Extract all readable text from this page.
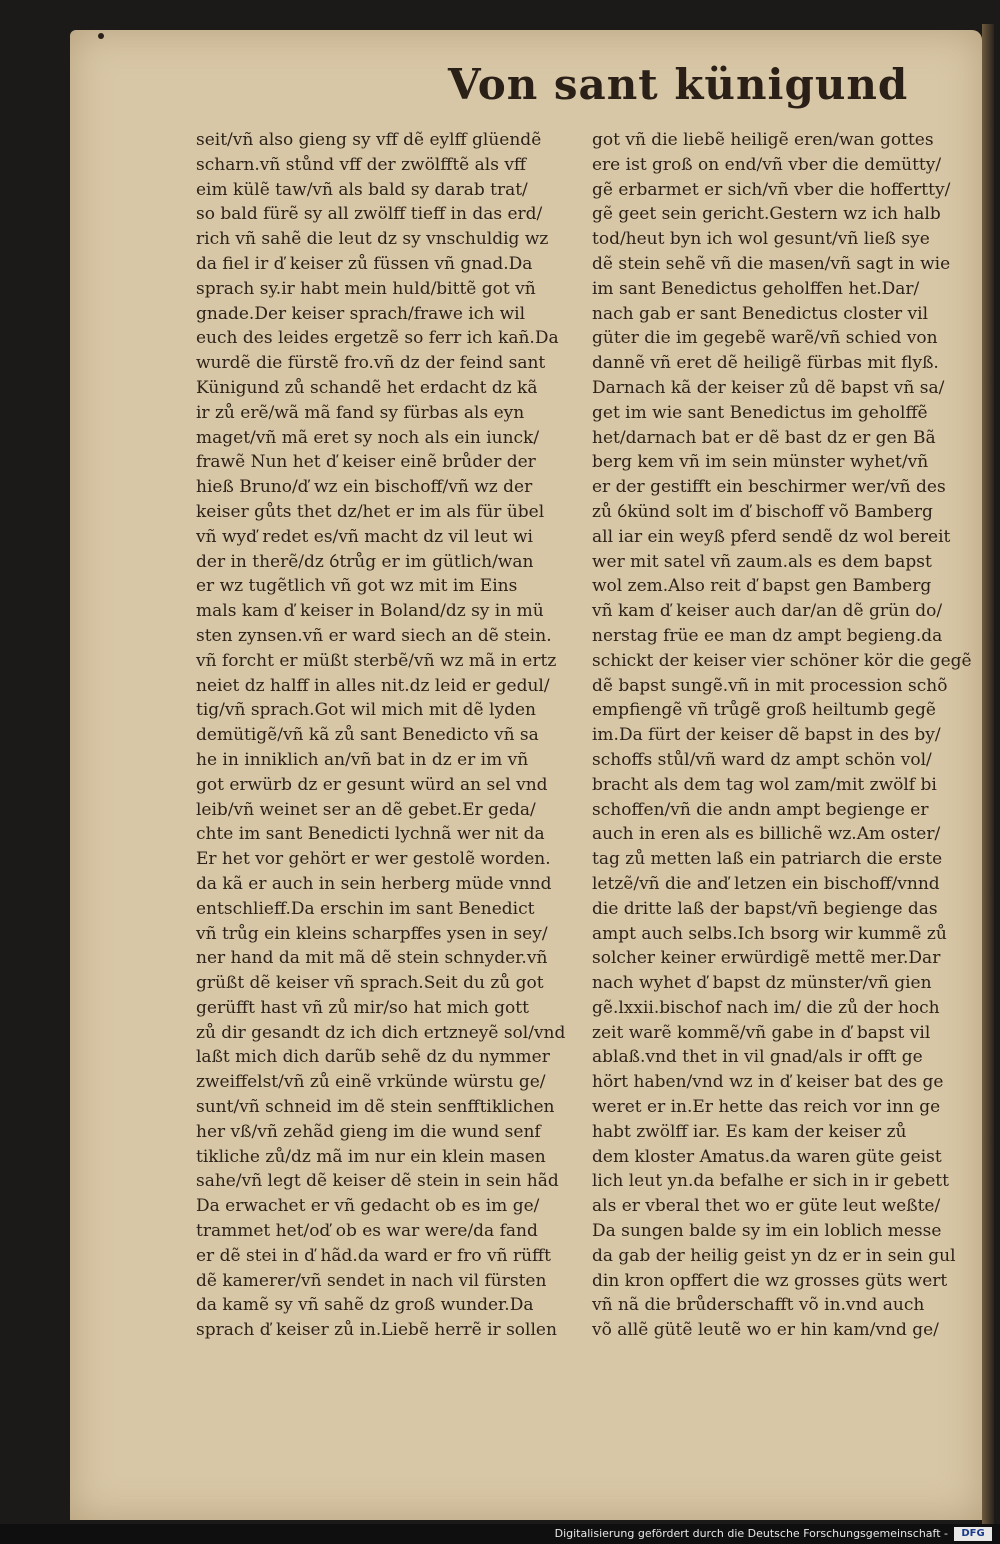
Von sant künigund
seit/vñ also gieng sy vff dẽ eylff glüendẽ
scharn.vñ stůnd vff der zwölfftẽ als vff
eim külẽ taw/vñ als bald sy darab trat/
so bald fürẽ sy all zwölff tieff in das erd/
rich vñ sahẽ die leut dz sy vnschuldig wz
da fiel ir ď keiser zů füssen vñ gnad.Da
sprach sy.ir habt mein huld/bittẽ got vñ
gnade.Der keiser sprach/frawe ich wil
euch des leides ergetzẽ so ferr ich kañ.Da
wurdẽ die fürstẽ fro.vñ dz der feind sant
Künigund zů schandẽ het erdacht dz kã
ir zů erẽ/wã mã fand sy fürbas als eyn
maget/vñ mã eret sy noch als ein iunck/
frawẽ Nun het ď keiser einẽ brůder der
hieß Bruno/ď wz ein bischoff/vñ wz der
keiser gůts thet dz/het er im als für übel
vñ wyď redet es/vñ macht dz vil leut wi
der in therẽ/dz ỽtrůg er im gütlich/wan
er wz tugẽtlich vñ got wz mit im Eins
mals kam ď keiser in Boland/dz sy in mü
sten zynsen.vñ er ward siech an dẽ stein.
vñ forcht er müßt sterbẽ/vñ wz mã in ertz
neiet dz halff in alles nit.dz leid er gedul/
tig/vñ sprach.Got wil mich mit dẽ lyden
demütigẽ/vñ kã zů sant Benedicto vñ sa
he in inniklich an/vñ bat in dz er im vñ
got erwürb dz er gesunt würd an sel vnd
leib/vñ weinet ser an dẽ gebet.Er geda/
chte im sant Benedicti lychnã wer nit da
Er het vor gehört er wer gestolẽ worden.
da kã er auch in sein herberg müde vnnd
entschlieff.Da erschin im sant Benedict
vñ trůg ein kleins scharpffes ysen in sey/
ner hand da mit mã dẽ stein schnyder.vñ
grüßt dẽ keiser vñ sprach.Seit du zů got
gerüfft hast vñ zů mir/so hat mich gott
zů dir gesandt dz ich dich ertzneyẽ sol/vnd
laßt mich dich darũb sehẽ dz du nymmer
zweiffelst/vñ zů einẽ vrkünde würstu ge/
sunt/vñ schneid im dẽ stein senfftiklichen
her vß/vñ zehãd gieng im die wund senf
tikliche zů/dz mã im nur ein klein masen
sahe/vñ legt dẽ keiser dẽ stein in sein hãd
Da erwachet er vñ gedacht ob es im ge/
trammet het/oď ob es war were/da fand
er dẽ stei in ď hãd.da ward er fro vñ rüfft
dẽ kamerer/vñ sendet in nach vil fürsten
da kamẽ sy vñ sahẽ dz groß wunder.Da
sprach ď keiser zů in.Liebẽ herrẽ ir sollen
got vñ die liebẽ heiligẽ eren/wan gottes
ere ist groß on end/vñ vber die demütty/
gẽ erbarmet er sich/vñ vber die hoffertty/
gẽ geet sein gericht.Gestern wz ich halb
tod/heut byn ich wol gesunt/vñ ließ sye
dẽ stein sehẽ vñ die masen/vñ sagt in wie
im sant Benedictus geholffen het.Dar/
nach gab er sant Benedictus closter vil
güter die im gegebẽ warẽ/vñ schied von
dannẽ vñ eret dẽ heiligẽ fürbas mit flyß.
Darnach kã der keiser zů dẽ bapst vñ sa/
get im wie sant Benedictus im geholffẽ
het/darnach bat er dẽ bast dz er gen Bã
berg kem vñ im sein münster wyhet/vñ
er der gestifft ein beschirmer wer/vñ des
zů ỽkünd solt im ď bischoff võ Bamberg
all iar ein weyß pferd sendẽ dz wol bereit
wer mit satel vñ zaum.als es dem bapst
wol zem.Also reit ď bapst gen Bamberg
vñ kam ď keiser auch dar/an dẽ grün do/
nerstag früe ee man dz ampt begieng.da
schickt der keiser vier schöner kör die gegẽ
dẽ bapst sungẽ.vñ in mit procession schõ
empfiengẽ vñ trůgẽ groß heiltumb gegẽ
im.Da fürt der keiser dẽ bapst in des by/
schoffs stůl/vñ ward dz ampt schön vol/
bracht als dem tag wol zam/mit zwölf bi
schoffen/vñ die andn ampt begienge er
auch in eren als es billichẽ wz.Am oster/
tag zů metten laß ein patriarch die erste
letzẽ/vñ die anď letzen ein bischoff/vnnd
die dritte laß der bapst/vñ begienge das
ampt auch selbs.Ich bsorg wir kummẽ zů
solcher keiner erwürdigẽ mettẽ mer.Dar
nach wyhet ď bapst dz münster/vñ gien
gẽ.lxxii.bischof nach im/ die zů der hoch
zeit warẽ kommẽ/vñ gabe in ď bapst vil
ablaß.vnd thet in vil gnad/als ir offt ge
hört haben/vnd wz in ď keiser bat des ge
weret er in.Er hette das reich vor inn ge
habt zwölff iar. Es kam der keiser zů
dem kloster Amatus.da waren güte geist
lich leut yn.da befalhe er sich in ir gebett
als er vberal thet wo er güte leut weßte/
Da sungen balde sy im ein loblich messe
da gab der heilig geist yn dz er in sein gul
din kron opffert die wz grosses güts wert
vñ nã die brůderschafft võ in.vnd auch
võ allẽ gütẽ leutẽ wo er hin kam/vnd ge/
Digitalisierung gefördert durch die Deutsche Forschungsgemeinschaft -	DFG
